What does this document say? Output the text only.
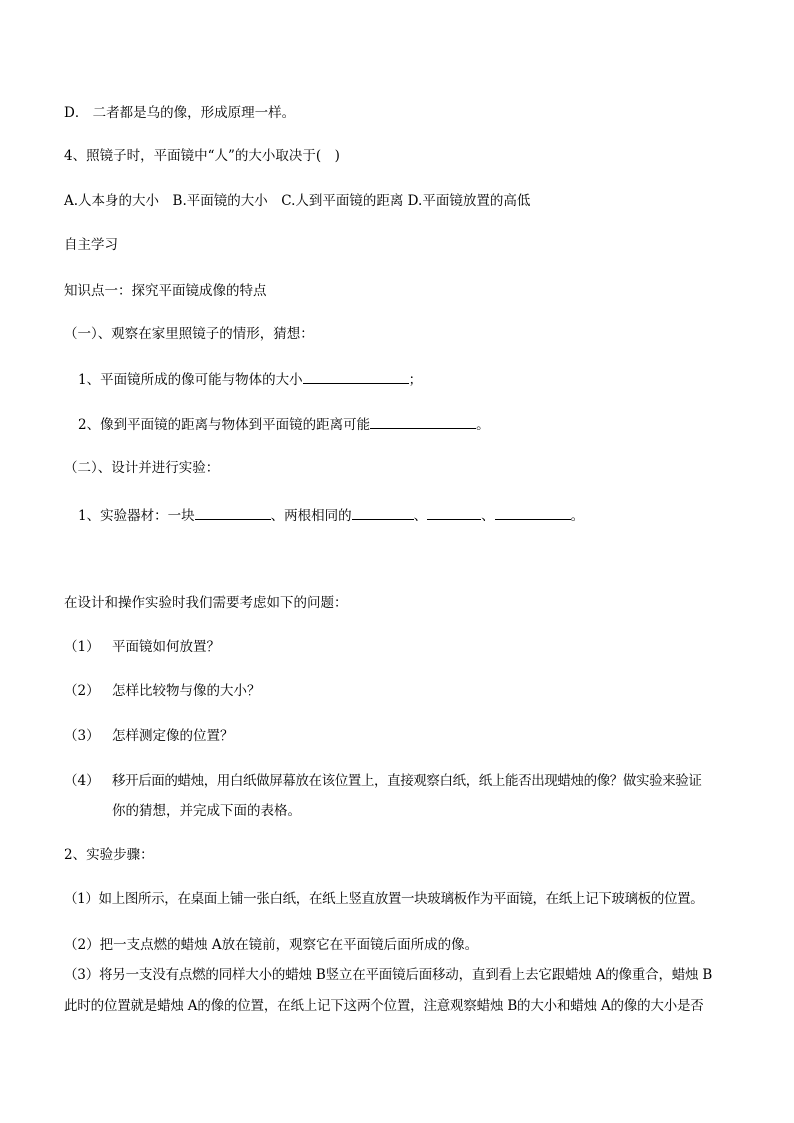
D． 二者都是乌的像，形成原理一样。
4、照镜子时，平面镜中“人”的大小取决于(　)
A.人本身的大小　B.平面镜的大小　C.人到平面镜的距离 D.平面镜放置的高低
自主学习
知识点一：探究平面镜成像的特点
（一）、观察在家里照镜子的情形，猜想：
1、平面镜所成的像可能与物体的大小	；
2、像到平面镜的距离与物体到平面镜的距离可能	。
（二）、设计并进行实验：
1、实验器材：一块	、两根相同的	、	、	。
在设计和操作实验时我们需要考虑如下的问题：
（1） 平面镜如何放置？
（2） 怎样比较物与像的大小？
（3） 怎样测定像的位置？
（4） 移开后面的蜡烛，用白纸做屏幕放在该位置上，直接观察白纸，纸上能否出现蜡烛的像？做实验来验证
你的猜想，并完成下面的表格。
2、实验步骤：
（1）如上图所示，在桌面上铺一张白纸，在纸上竖直放置一块玻璃板作为平面镜，在纸上记下玻璃板的位置。
（2）把一支点燃的蜡烛 A放在镜前，观察它在平面镜后面所成的像。
（3）将另一支没有点燃的同样大小的蜡烛 B竖立在平面镜后面移动，直到看上去它跟蜡烛 A的像重合，蜡烛 B
此时的位置就是蜡烛 A的像的位置，在纸上记下这两个位置，注意观察蜡烛 B的大小和蜡烛 A的像的大小是否
